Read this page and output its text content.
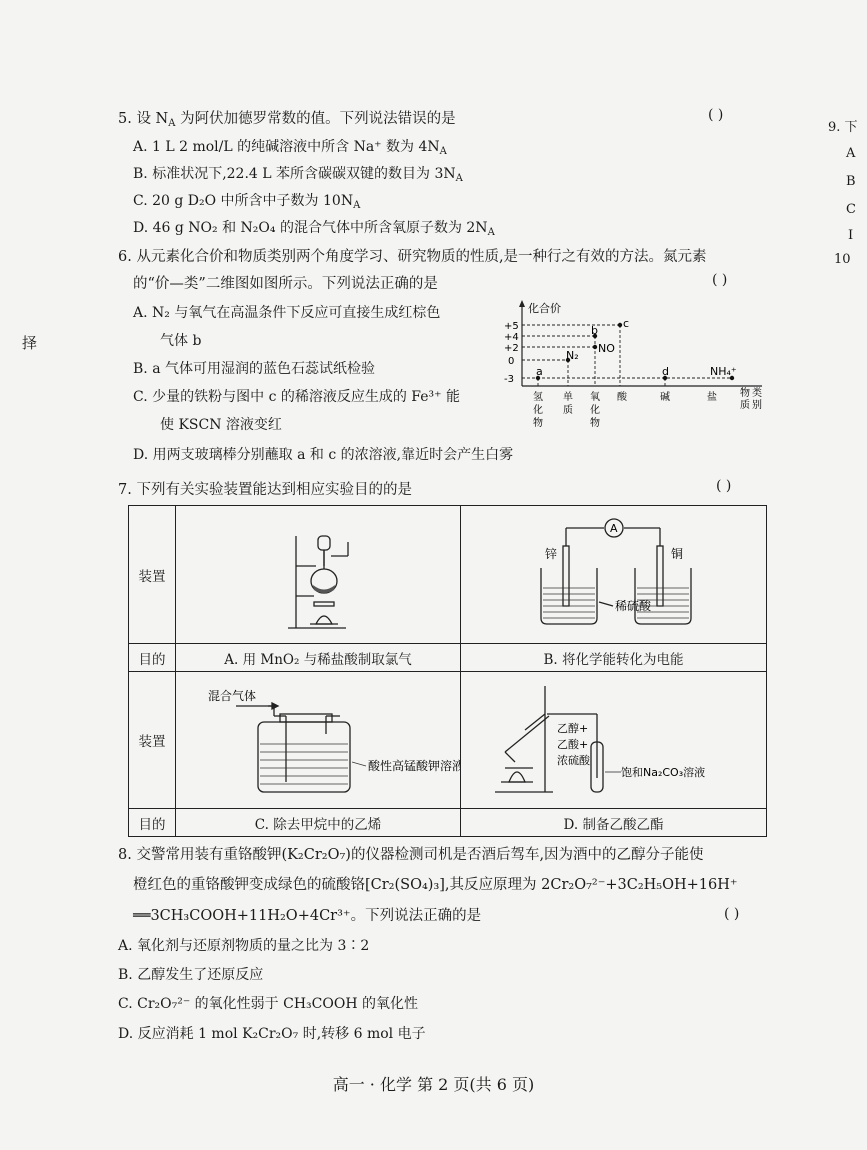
9. 下
A
B
C
I
10
择
5. 设 $N_A$ 为阿伏加德罗常数的值。下列说法错误的是	( )
A. 1 L 2 mol/L 的纯碱溶液中所含 Na⁺ 数为 $4N_A$
B. 标准状况下,22.4 L 苯所含碳碳双键的数目为 $3N_A$
C. 20 g D₂O 中所含中子数为 $10N_A$
D. 46 g NO₂ 和 N₂O₄ 的混合气体中所含氧原子数为 $2N_A$
6. 从元素化合价和物质类别两个角度学习、研究物质的性质,是一种行之有效的方法。氮元素
的“价—类”二维图如图所示。下列说法正确的是	( )
A. N₂ 与氧气在高温条件下反应可直接生成红棕色
气体 b
B. a 气体可用湿润的蓝色石蕊试纸检验
C. 少量的铁粉与图中 c 的稀溶液反应生成的 Fe³⁺ 能
使 KSCN 溶液变红
D. 用两支玻璃棒分别蘸取 a 和 c 的浓溶液,靠近时会产生白雾
化合价
+5
+4
+2
0
-3
a
N₂
b
NO
c
d	NH₄⁺
氢化物
单质
氧化物
酸	碱	盐 物质类别
7. 下列有关实验装置能达到相应实验目的的是	( )
装置		A
锌 铜
稀硫酸

目的	A. 用 MnO₂ 与稀盐酸制取氯气	B. 将化学能转化为电能
装置	混合气体
酸性高锰酸钾溶液	乙醇+
乙酸+
浓硫酸
饱和Na₂CO₃溶液

目的	C. 除去甲烷中的乙烯	D. 制备乙酸乙酯
8. 交警常用装有重铬酸钾(K₂Cr₂O₇)的仪器检测司机是否酒后驾车,因为酒中的乙醇分子能使
橙红色的重铬酸钾变成绿色的硫酸铬[Cr₂(SO₄)₃],其反应原理为 2Cr₂O₇²⁻+3C₂H₅OH+16H⁺
══3CH₃COOH+11H₂O+4Cr³⁺。下列说法正确的是	( )
A. 氧化剂与还原剂物质的量之比为 3∶2
B. 乙醇发生了还原反应
C. Cr₂O₇²⁻ 的氧化性弱于 CH₃COOH 的氧化性
D. 反应消耗 1 mol K₂Cr₂O₇ 时,转移 6 mol 电子
高一 · 化学 第 2 页(共 6 页)
